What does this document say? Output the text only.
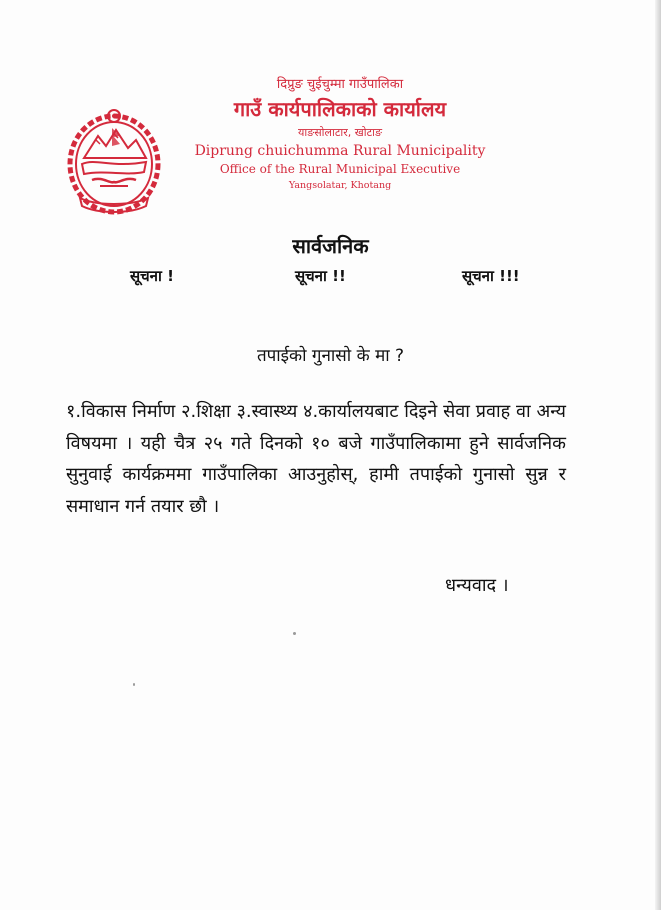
दिप्रुङ चुईचुम्मा गाउँपालिका

गाउँ कार्यपालिकाको कार्यालय

याङसोलाटार, खोटाङ

Diprung chuichumma Rural Municipality

Office of the Rural Municipal Executive

Yangsolatar, Khotang

सार्वजनिक
सूचना !	सूचना !!	सूचना !!!

तपाईको गुनासो के मा ?

१.विकास निर्माण २.शिक्षा ३.स्वास्थ्य ४.कार्यालयबाट दिइने सेवा प्रवाह वा अन्य विषयमा । यही चैत्र २५ गते दिनको १० बजे गाउँपालिकामा हुने सार्वजनिक सुनुवाई कार्यक्रममा गाउँपालिका आउनुहोस्, हामी तपाईको गुनासो सुन्न र समाधान गर्न तयार छौ ।

धन्यवाद ।
